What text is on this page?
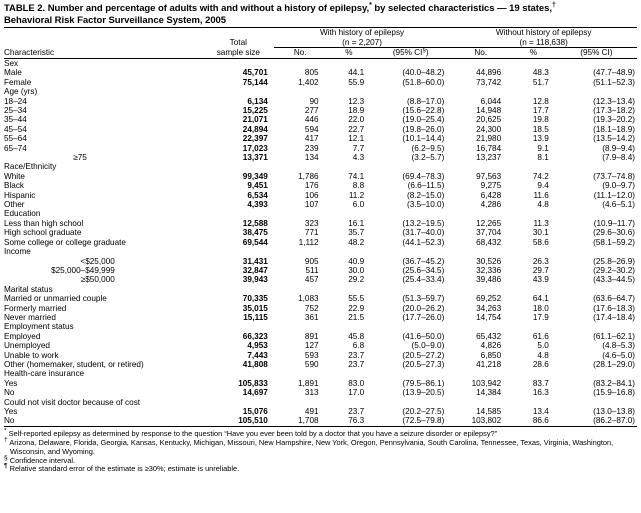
TABLE 2. Number and percentage of adults with and without a history of epilepsy,* by selected characteristics — 19 states,†
Behavioral Risk Factor Surveillance System, 2005
		With history of epilepsy			Without history of epilepsy		
	Total	(n = 2,207)			(n = 118,638)		
Characteristic	sample size	No.	%	(95% CI§)	No.	%	(95% CI)
Sex							
Male	45,701	805	44.1	(40.0–48.2)	44,896	48.3	(47.7–48.9)
Female	75,144	1,402	55.9	(51.8–60.0)	73,742	51.7	(51.1–52.3)
Age (yrs)							
18–24	6,134	90	12.3	(8.8–17.0)	6,044	12.8	(12.3–13.4)
25–34	15,225	277	18.9	(15.6–22.8)	14,948	17.7	(17.3–18.2)
35–44	21,071	446	22.0	(19.0–25.4)	20,625	19.8	(19.3–20.2)
45–54	24,894	594	22.7	(19.8–26.0)	24,300	18.5	(18.1–18.9)
55–64	22,397	417	12.1	(10.1–14.4)	21,980	13.9	(13.5–14.2)
65–74	17,023	239	7.7	(6.2–9.5)	16,784	9.1	(8.9–9.4)
≥75	13,371	134	4.3	(3.2–5.7)	13,237	8.1	(7.9–8.4)
Race/Ethnicity							
White	99,349	1,786	74.1	(69.4–78.3)	97,563	74.2	(73.7–74.8)
Black	9,451	176	8.8	(6.6–11.5)	9,275	9.4	(9.0–9.7)
Hispanic	6,534	106	11.2	(8.2–15.0)	6,428	11.6	(11.1–12.0)
Other	4,393	107	6.0	(3.5–10.0)	4,286	4.8	(4.6–5.1)
Education							
Less than high school	12,588	323	16.1	(13.2–19.5)	12,265	11.3	(10.9–11.7)
High school graduate	38,475	771	35.7	(31.7–40.0)	37,704	30.1	(29.6–30.6)
Some college or college graduate	69,544	1,112	48.2	(44.1–52.3)	68,432	58.6	(58.1–59.2)
Income							
<$25,000	31,431	905	40.9	(36.7–45.2)	30,526	26.3	(25.8–26.9)
$25,000–$49,999	32,847	511	30.0	(25.6–34.5)	32,336	29.7	(29.2–30.2)
≥$50,000	39,943	457	29.2	(25.4–33.4)	39,486	43.9	(43.3–44.5)
Marital status							
Married or unmarried couple	70,335	1,083	55.5	(51.3–59.7)	69,252	64.1	(63.6–64.7)
Formerly married	35,015	752	22.9	(20.0–26.2)	34,263	18.0	(17.6–18.3)
Never married	15,115	361	21.5	(17.7–26.0)	14,754	17.9	(17.4–18.4)
Employment status							
Employed	66,323	891	45.8	(41.6–50.0)	65,432	61.6	(61.1–62.1)
Unemployed	4,953	127	6.8	(5.0–9.0)	4,826	5.0	(4.8–5.3)
Unable to work	7,443	593	23.7	(20.5–27.2)	6,850	4.8	(4.6–5.0)
Other (homemaker, student, or retired)	41,808	590	23.7	(20.5–27.3)	41,218	28.6	(28.1–29.0)
Health-care insurance							
Yes	105,833	1,891	83.0	(79.5–86.1)	103,942	83.7	(83.2–84.1)
No	14,697	313	17.0	(13.9–20.5)	14,384	16.3	(15.9–16.8)
Could not visit doctor because of cost							
Yes	15,076	491	23.7	(20.2–27.5)	14,585	13.4	(13.0–13.8)
No	105,510	1,708	76.3	(72.5–79.8)	103,802	86.6	(86.2–87.0)

* Self-reported epilepsy as determined by response to the question “Have you ever been told by a doctor that you have a seizure disorder or epilepsy?”
† Arizona, Delaware, Florida, Georgia, Kansas, Kentucky, Michigan, Missouri, New Hampshire, New York, Oregon, Pennsylvania, South Carolina, Tennessee, Texas, Virginia, Washington, Wisconsin, and Wyoming.
§ Confidence interval.
¶ Relative standard error of the estimate is ≥30%; estimate is unreliable.
